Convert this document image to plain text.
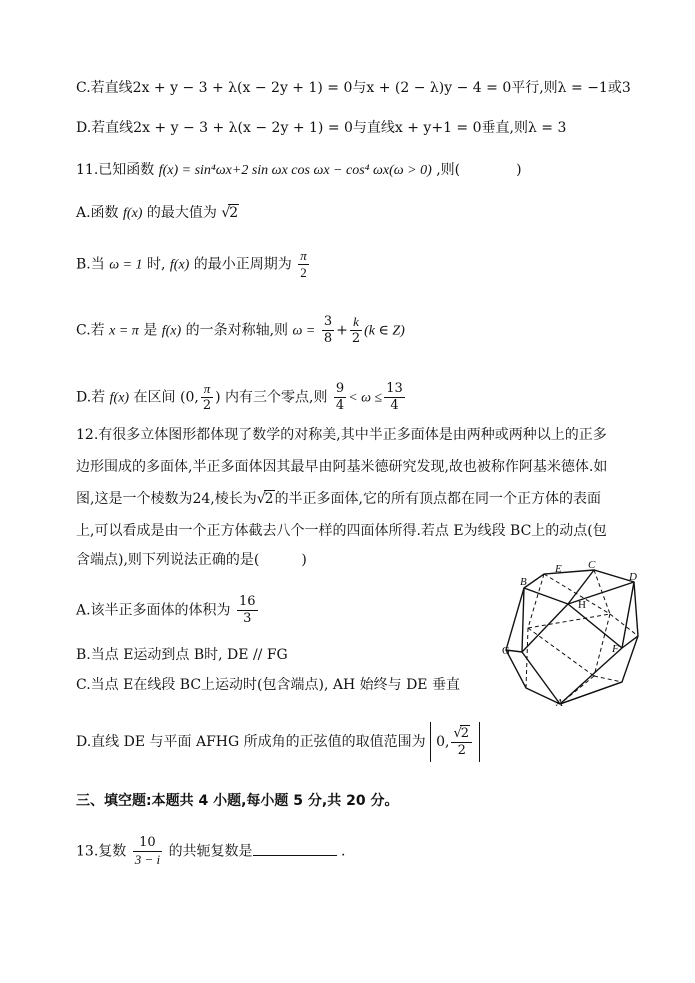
C.若直线2x + y − 3 + λ(x − 2y + 1) = 0与x + (2 − λ)y − 4 = 0平行,则λ = −1或3
D.若直线2x + y − 3 + λ(x − 2y + 1) = 0与直线x + y+1 = 0垂直,则λ = 3
11.已知函数 f(x) = sin⁴ωx+2 sin ωx cos ωx − cos⁴ ωx(ω > 0) ,则(　　　　)
A.函数 f(x) 的最大值为 √2
B.当 ω = 1 时, f(x) 的最小正周期为 $\frac{\pi}{2}$
C.若 x = π 是 f(x) 的一条对称轴,则 $\omega = \frac{3}{8} + \frac{k}{2} (k$ ∈ Z)
D.若 f(x) 在区间 (0, $\frac{\pi}{2}$ ) 内有三个零点,则 $\frac{9}{4} < \omega \le \frac{13}{4}$
12.有很多立体图形都体现了数学的对称美,其中半正多面体是由两种或两种以上的正多
边形围成的多面体,半正多面体因其最早由阿基米德研究发现,故也被称作阿基米德体.如
图,这是一个棱数为24,棱长为√2的半正多面体,它的所有顶点都在同一个正方体的表面
上,可以看成是由一个正方体截去八个一样的四面体所得.若点 E为线段 BC上的动点(包
含端点),则下列说法正确的是(　　　)
A.该半正多面体的体积为 $\frac{16}{3}$
B.当点 E运动到点 B时, DE // FG
C.当点 E在线段 BC上运动时(包含端点), AH 始终与 DE 垂直
D.直线 DE 与平面 AFHG 所成角的正弦值的取值范围为 0, $\frac{√2}{2}$
B
E C
D
H
G	F
A
三、填空题:本题共 4 小题,每小题 5 分,共 20 分。
13.复数 $\frac{10}{3 - i}$ 的共轭复数是	.
